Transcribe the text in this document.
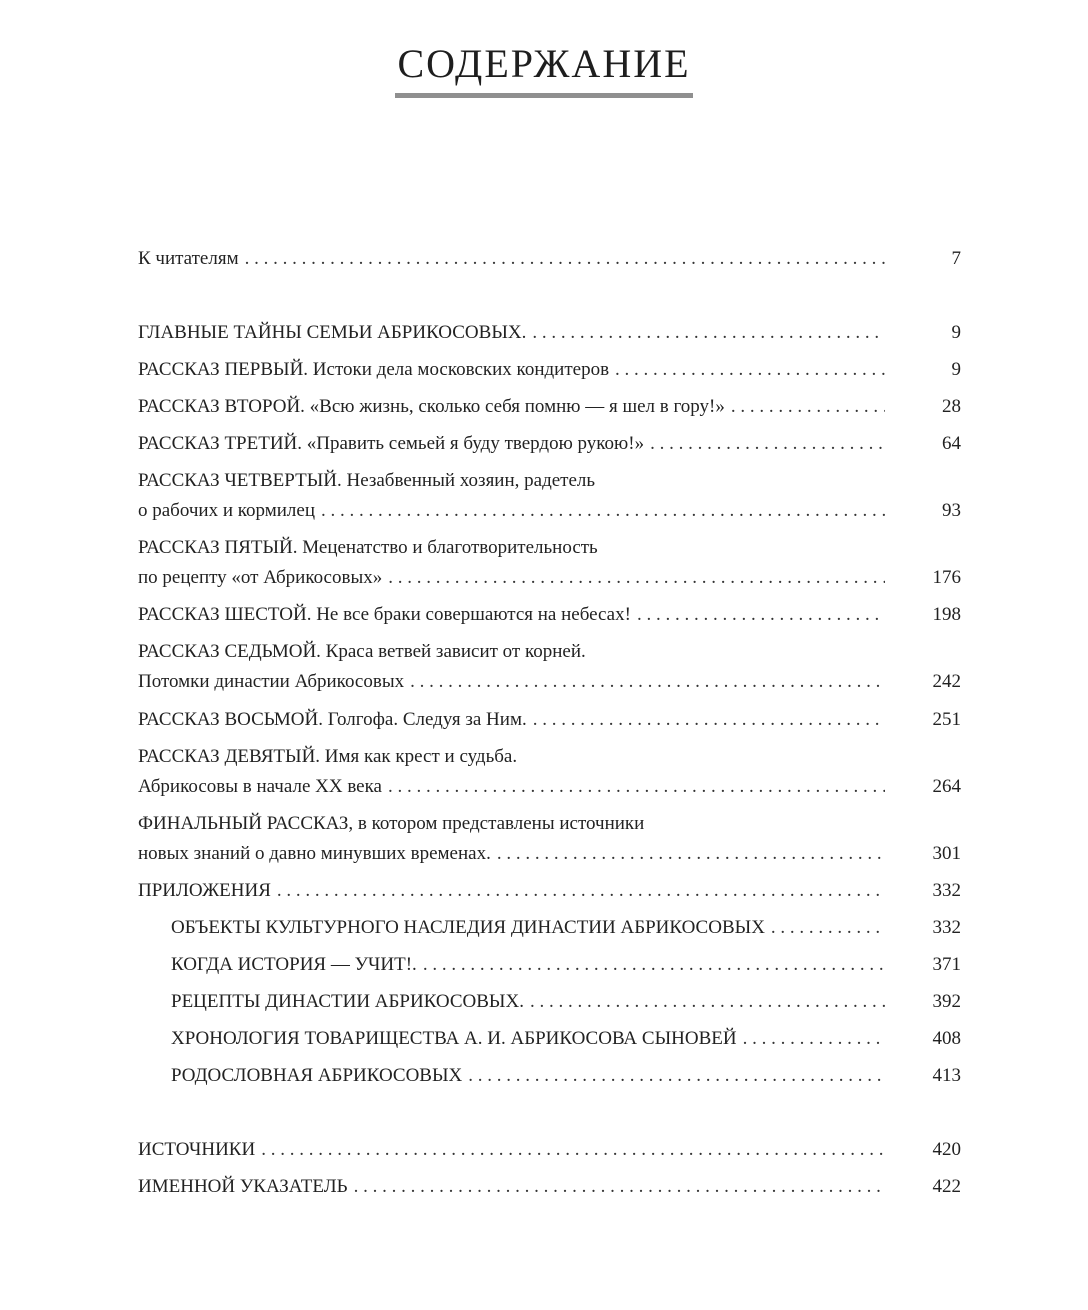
СОДЕРЖАНИЕ
К читателям . . .	7
ГЛАВНЫЕ ТАЙНЫ СЕМЬИ АБРИКОСОВЫХ. . . .	9
РАССКАЗ ПЕРВЫЙ. Истоки дела московских кондитеров . . .	9
РАССКАЗ ВТОРОЙ. «Всю жизнь, сколько себя помню — я шел в гору!» . . .	28
РАССКАЗ ТРЕТИЙ. «Править семьей я буду твердою рукою!» . . .	64
РАССКАЗ ЧЕТВЕРТЫЙ. Незабвенный хозяин, радетель
о рабочих и кормилец . . .	93
РАССКАЗ ПЯТЫЙ. Меценатство и благотворительность
по рецепту «от Абрикосовых» . . .	176
РАССКАЗ ШЕСТОЙ. Не все браки совершаются на небесах! . . .	198
РАССКАЗ СЕДЬМОЙ. Краса ветвей зависит от корней.
Потомки династии Абрикосовых . . .	242
РАССКАЗ ВОСЬМОЙ. Голгофа. Следуя за Ним. . . .	251
РАССКАЗ ДЕВЯТЫЙ. Имя как крест и судьба.
Абрикосовы в начале XX века . . .	264
ФИНАЛЬНЫЙ РАССКАЗ, в котором представлены источники
новых знаний о давно минувших временах. . . .	301
ПРИЛОЖЕНИЯ . . .	332
ОБЪЕКТЫ КУЛЬТУРНОГО НАСЛЕДИЯ ДИНАСТИИ АБРИКОСОВЫХ . . .	332
КОГДА ИСТОРИЯ — УЧИТ!. . . .	371
РЕЦЕПТЫ ДИНАСТИИ АБРИКОСОВЫХ. . . .	392
ХРОНОЛОГИЯ ТОВАРИЩЕСТВА А. И. АБРИКОСОВА СЫНОВЕЙ . . .	408
РОДОСЛОВНАЯ АБРИКОСОВЫХ . . .	413
ИСТОЧНИКИ . . .	420
ИМЕННОЙ УКАЗАТЕЛЬ . . .	422
